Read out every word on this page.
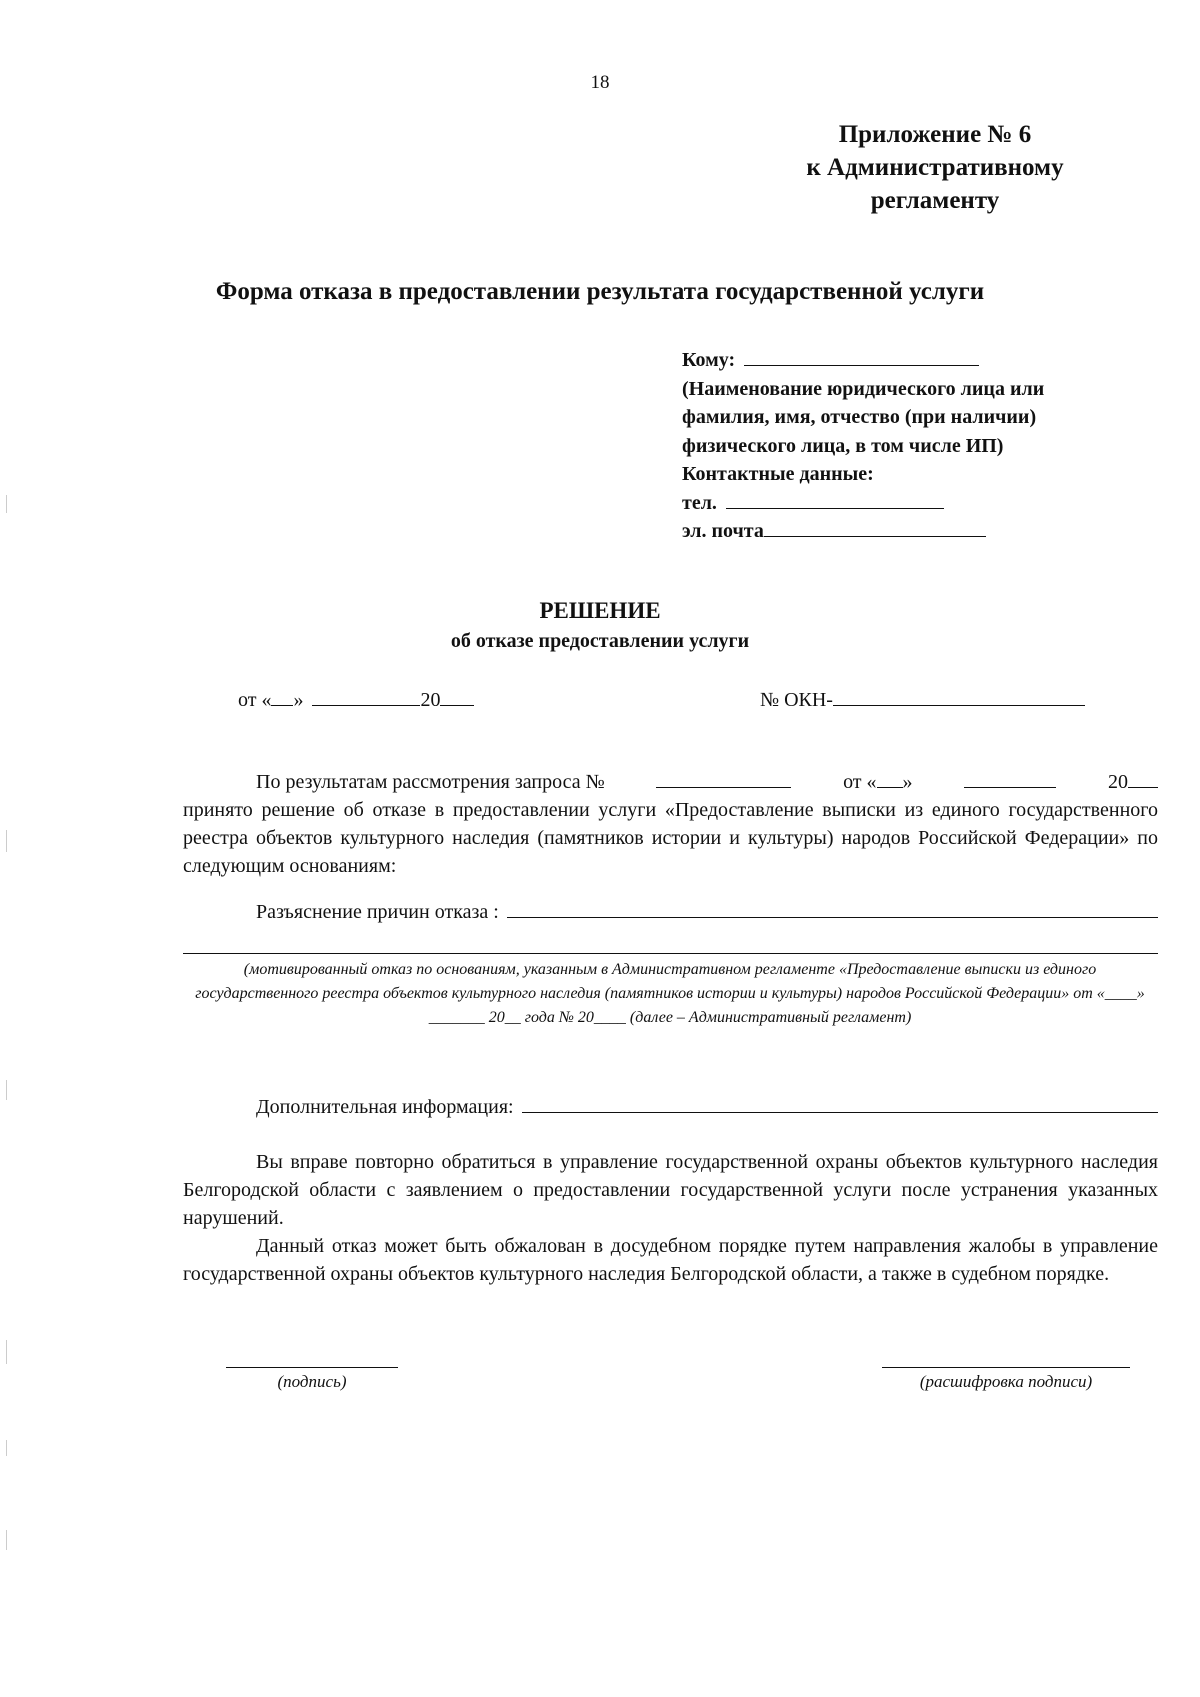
18
Приложение № 6
к Административному
регламенту
Форма отказа в предоставлении результата государственной услуги
Кому:
(Наименование юридического лица или
фамилия, имя, отчество (при наличии)
физического лица, в том числе ИП)
Контактные данные:
тел.
эл. почта
РЕШЕНИЕ
об отказе предоставлении услуги
от « »	20	№ ОКН-
По результатам рассмотрения запроса №	от « »	20
принято решение об отказе в предоставлении услуги «Предоставление выписки из единого государственного реестра объектов культурного наследия (памятников истории и культуры) народов Российской Федерации» по следующим основаниям:
Разъяснение причин отказа :
(мотивированный отказ по основаниям, указанным в Административном регламенте «Предоставление выписки из единого государственного реестра объектов культурного наследия (памятников истории и культуры) народов Российской Федерации» от «____» _______ 20__ года № 20____ (далее – Административный регламент)
Дополнительная информация:
Вы вправе повторно обратиться в управление государственной охраны объектов культурного наследия Белгородской области с заявлением о предоставлении государственной услуги после устранения указанных нарушений.
Данный отказ может быть обжалован в досудебном порядке путем направления жалобы в управление государственной охраны объектов культурного наследия Белгородской области, а также в судебном порядке.
(подпись)	(расшифровка подписи)
